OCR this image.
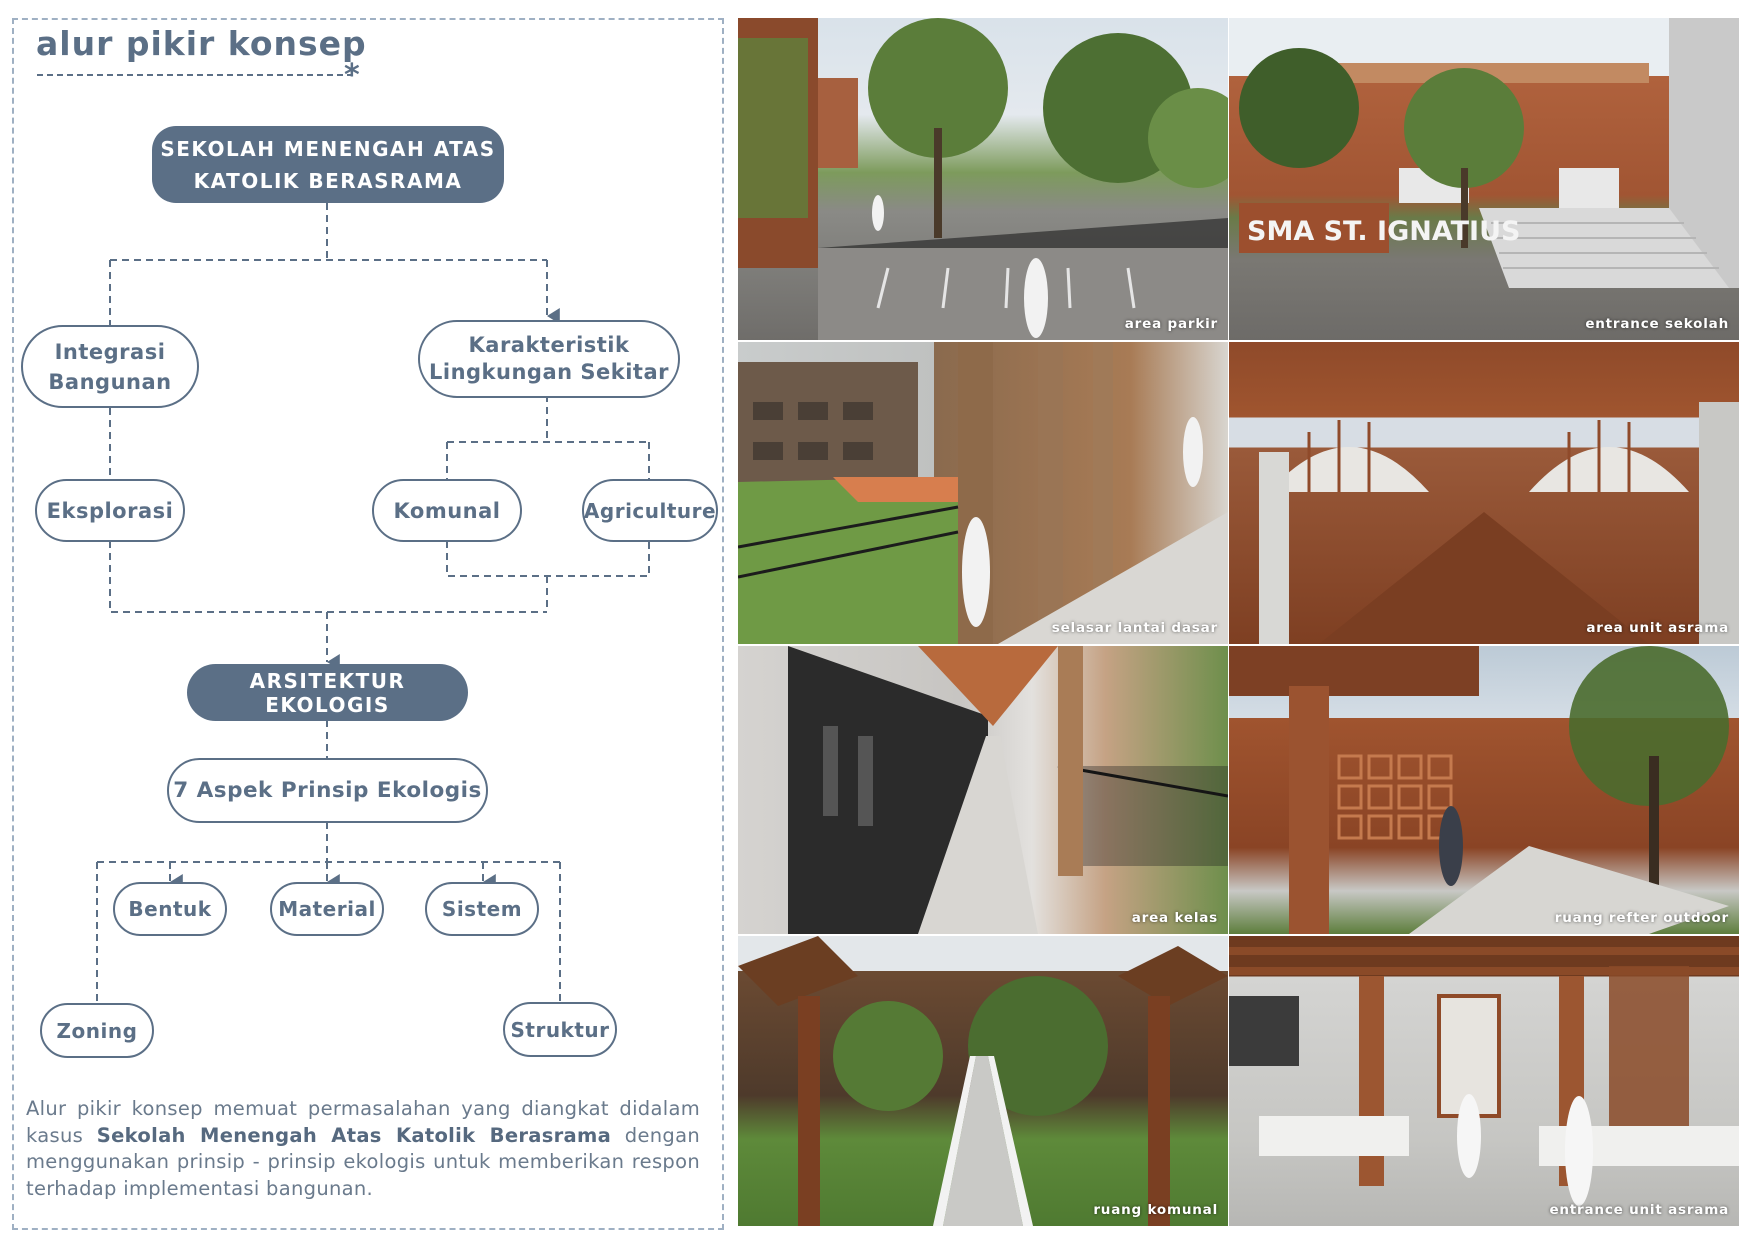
alur pikir konsep
*
SEKOLAH MENENGAH ATAS
KATOLIK BERASRAMA
Integrasi
Bangunan
Karakteristik
Lingkungan Sekitar
Eksplorasi	Komunal	Agriculture
ARSITEKTUR EKOLOGIS
7 Aspek Prinsip Ekologis
Bentuk	Material	Sistem
Zoning	Struktur

Alur pikir konsep memuat permasalahan yang diangkat didalam kasus Sekolah Menengah Atas Katolik Berasrama dengan menggunakan prinsip - prinsip ekologis untuk memberikan respon terhadap implementasi bangunan.

area parkir
SMA ST. IGNATIUS
entrance sekolah
selasar lantai dasar	area unit asrama
area kelas	ruang refter outdoor
ruang komunal	entrance unit asrama
